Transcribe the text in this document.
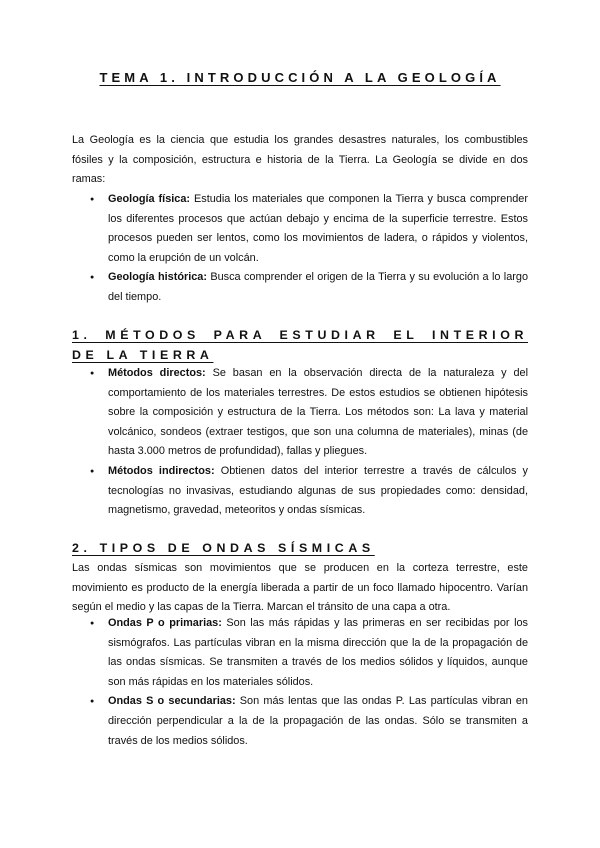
TEMA 1. INTRODUCCIÓN A LA GEOLOGÍA

La Geología es la ciencia que estudia los grandes desastres naturales, los combustibles fósiles y la composición, estructura e historia de la Tierra. La Geología se divide en dos ramas:

● Geología física: Estudia los materiales que componen la Tierra y busca comprender los diferentes procesos que actúan debajo y encima de la superficie terrestre. Estos procesos pueden ser lentos, como los movimientos de ladera, o rápidos y violentos, como la erupción de un volcán.
● Geología histórica: Busca comprender el origen de la Tierra y su evolución a lo largo del tiempo.
1. MÉTODOS PARA ESTUDIAR EL INTERIOR DE LA TIERRA
● Métodos directos: Se basan en la observación directa de la naturaleza y del comportamiento de los materiales terrestres. De estos estudios se obtienen hipótesis sobre la composición y estructura de la Tierra. Los métodos son: La lava y material volcánico, sondeos (extraer testigos, que son una columna de materiales), minas (de hasta 3.000 metros de profundidad), fallas y pliegues.
● Métodos indirectos: Obtienen datos del interior terrestre a través de cálculos y tecnologías no invasivas, estudiando algunas de sus propiedades como: densidad, magnetismo, gravedad, meteoritos y ondas sísmicas.
2. TIPOS DE ONDAS SÍSMICAS

Las ondas sísmicas son movimientos que se producen en la corteza terrestre, este movimiento es producto de la energía liberada a partir de un foco llamado hipocentro. Varían según el medio y las capas de la Tierra. Marcan el tránsito de una capa a otra.

● Ondas P o primarias: Son las más rápidas y las primeras en ser recibidas por los sismógrafos. Las partículas vibran en la misma dirección que la de la propagación de las ondas sísmicas. Se transmiten a través de los medios sólidos y líquidos, aunque son más rápidas en los materiales sólidos.
● Ondas S o secundarias: Son más lentas que las ondas P. Las partículas vibran en dirección perpendicular a la de la propagación de las ondas. Sólo se transmiten a través de los medios sólidos.
